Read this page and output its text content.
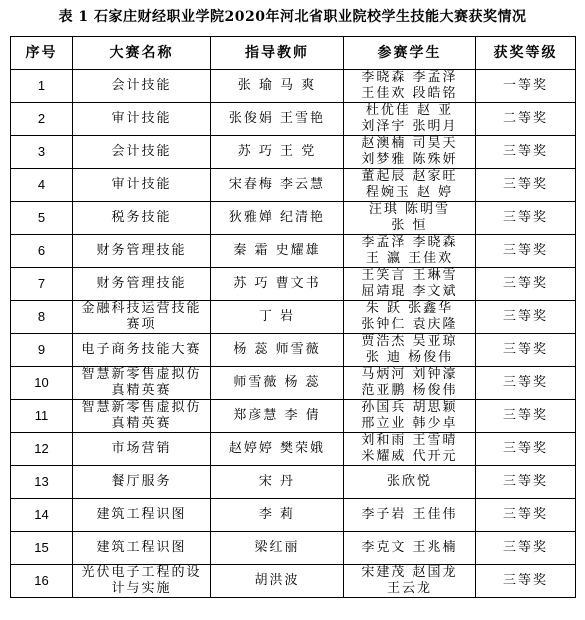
表 1 石家庄财经职业学院2020年河北省职业院校学生技能大赛获奖情况
序号	大赛名称	指导教师	参赛学生	获奖等级
1	会计技能	张 瑜 马 爽	李晓森 李孟泽
王佳欢 段皓铭	一等奖
2	审计技能	张俊娟 王雪艳	杜优佳 赵 亚
刘泽宇 张明月	二等奖
3	会计技能	苏 巧 王 党	赵澳楠 司昊天
刘梦雅 陈殊妍	三等奖
4	审计技能	宋春梅 李云慧	董起辰 赵家旺
程婉玉 赵 婷	三等奖
5	税务技能	狄雅婵 纪清艳	汪琪 陈明雪
张 恒	三等奖
6	财务管理技能	秦 霜 史耀雄	李孟泽 李晓森
王 瀛 王佳欢	三等奖
7	财务管理技能	苏 巧 曹文书	王笑言 王琳雪
屈靖琨 李文斌	三等奖
8	金融科技运营技能赛项	丁 岩	朱 跃 张鑫华
张钟仁 袁庆隆	三等奖
9	电子商务技能大赛	杨 蕊 师雪薇	贾浩杰 吴亚琼
张 迪 杨俊伟	三等奖
10	智慧新零售虚拟仿真精英赛	师雪薇 杨 蕊	马炳河 刘钟濠
范亚鹏 杨俊伟	三等奖
11	智慧新零售虚拟仿真精英赛	郑彦慧 李 倩	孙国兵 胡思颖
邢立业 韩少卓	三等奖
12	市场营销	赵婷婷 樊荣娥	刘和雨 王雪晴
米耀威 代开元	三等奖
13	餐厅服务	宋 丹	张欣悦	三等奖
14	建筑工程识图	李 莉	李子岩 王佳伟	三等奖
15	建筑工程识图	梁红丽	李克文 王兆楠	三等奖
16	光伏电子工程的设计与实施	胡洪波	宋建茂 赵国龙
王云龙	三等奖
